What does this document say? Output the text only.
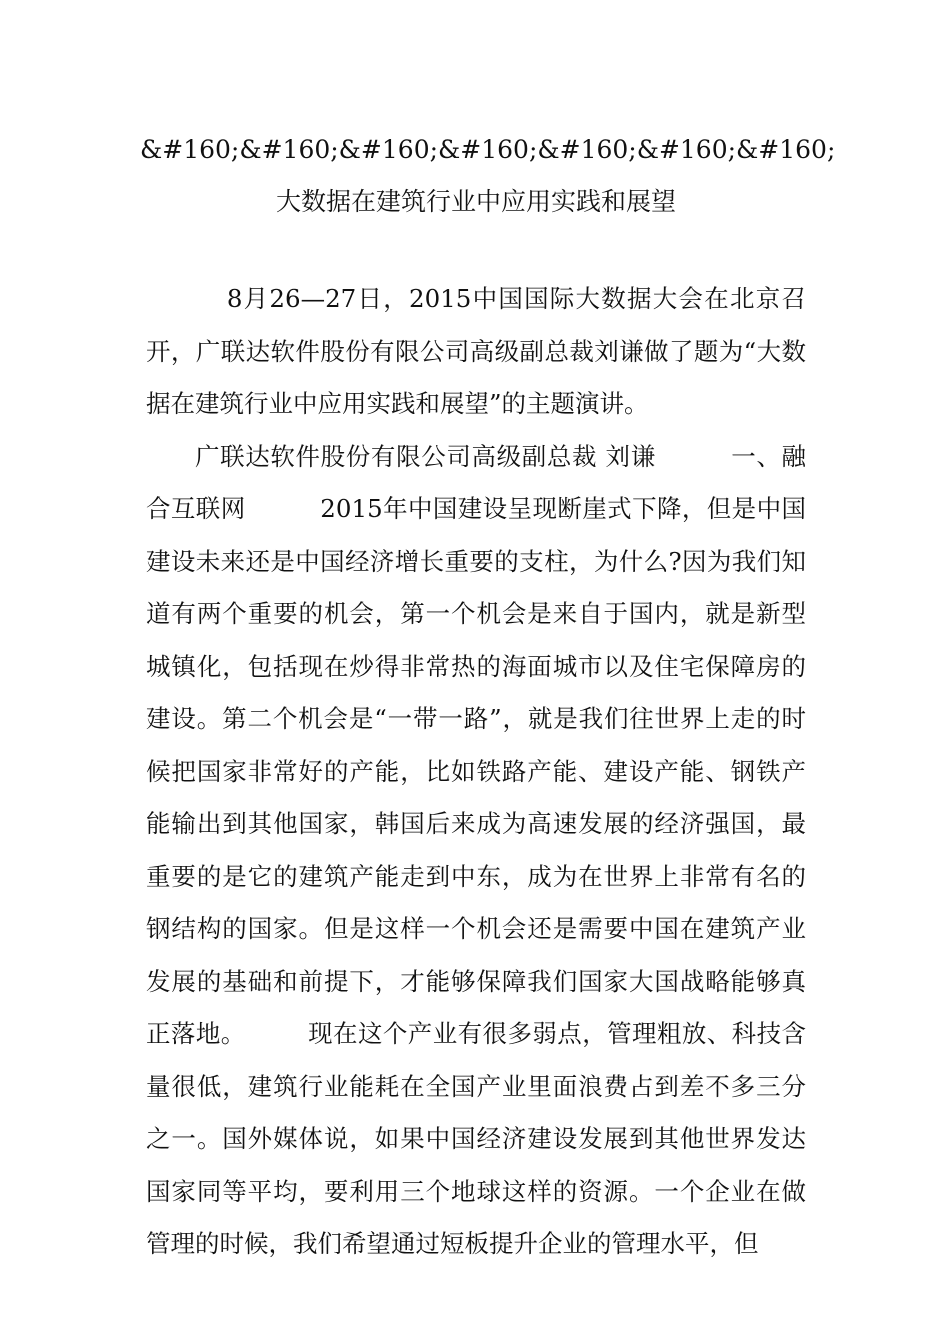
&#160;&#160;&#160;&#160;&#160;&#160;&#160; 大数据在建筑行业中应用实践和展望

8月26—27日，2015中国国际大数据大会在北京召开，广联达软件股份有限公司高级副总裁刘谦做了题为“大数据在建筑行业中应用实践和展望”的主题演讲。

广联达软件股份有限公司高级副总裁 刘谦　　　一、融合互联网　　　2015年中国建设呈现断崖式下降，但是中国建设未来还是中国经济增长重要的支柱，为什么?因为我们知道有两个重要的机会，第一个机会是来自于国内，就是新型城镇化，包括现在炒得非常热的海面城市以及住宅保障房的建设。第二个机会是“一带一路”，就是我们往世界上走的时候把国家非常好的产能，比如铁路产能、建设产能、钢铁产能输出到其他国家，韩国后来成为高速发展的经济强国，最重要的是它的建筑产能走到中东，成为在世界上非常有名的钢结构的国家。但是这样一个机会还是需要中国在建筑产业发展的基础和前提下，才能够保障我们国家大国战略能够真正落地。　　　现在这个产业有很多弱点，管理粗放、科技含量很低，建筑行业能耗在全国产业里面浪费占到差不多三分之一。国外媒体说，如果中国经济建设发展到其他世界发达国家同等平均，要利用三个地球这样的资源。一个企业在做管理的时候，我们希望通过短板提升企业的管理水平，但
